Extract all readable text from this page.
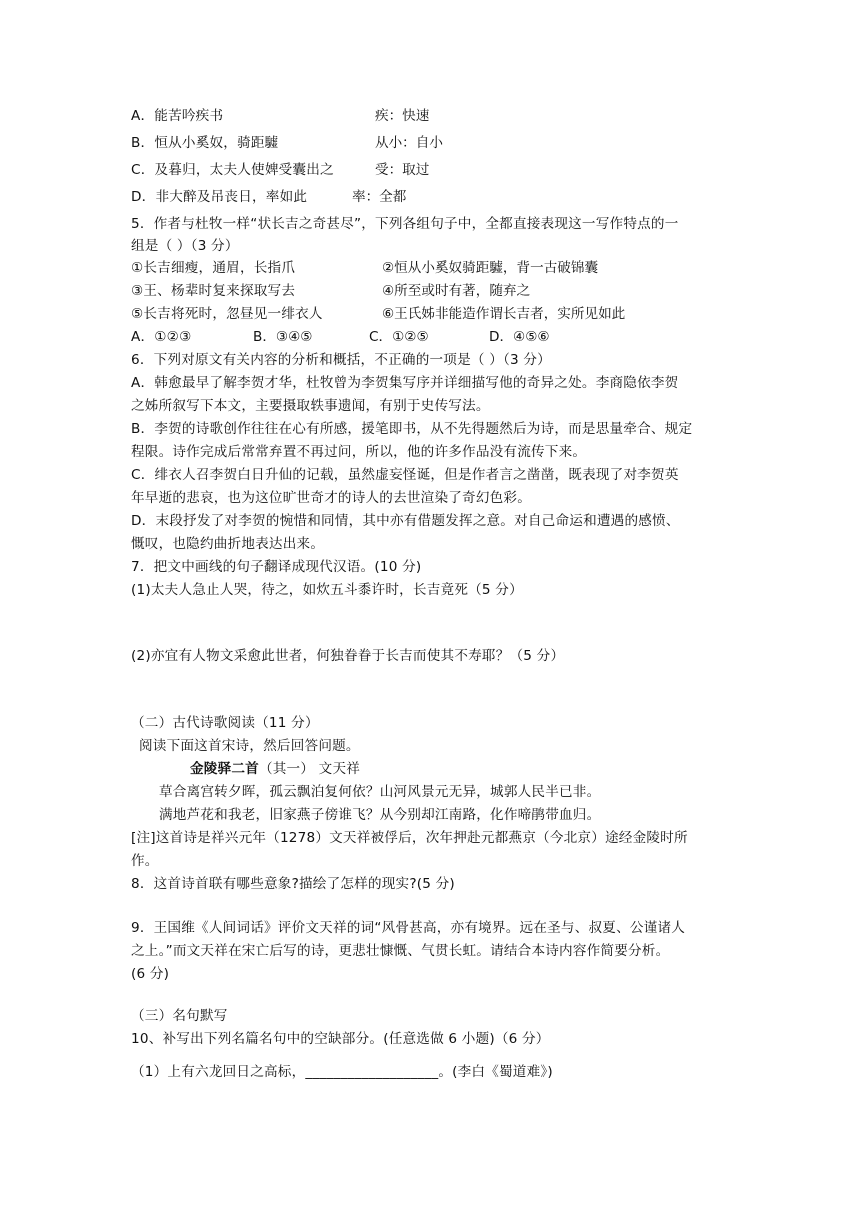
A．能苦吟疾书	疾：快速
B．恒从小奚奴，骑距驉	从小：自小
C．及暮归，太夫人使婢受囊出之	受：取过
D．非大醉及吊丧日，率如此	率：全都
5．作者与杜牧一样“状长吉之奇甚尽”，下列各组句子中，全都直接表现这一写作特点的一
组是（ ）（3 分）
①长吉细瘦，通眉，长指爪	②恒从小奚奴骑距驉，背一古破锦囊
③王、杨辈时复来探取写去	④所至或时有著，随弃之
⑤长吉将死时，忽昼见一绯衣人	⑥王氏姊非能造作谓长吉者，实所见如此
A．①②③	B．③④⑤	C．①②⑤	D．④⑤⑥
6．下列对原文有关内容的分析和概括，不正确的一项是（ ）（3 分）
A．韩愈最早了解李贺才华，杜牧曾为李贺集写序并详细描写他的奇异之处。李商隐依李贺
之姊所叙写下本文，主要摄取轶事遗闻，有别于史传写法。
B．李贺的诗歌创作往往在心有所感，援笔即书，从不先得题然后为诗，而是思量牵合、规定
程限。诗作完成后常常弃置不再过问，所以，他的许多作品没有流传下来。
C．绯衣人召李贺白日升仙的记载，虽然虚妄怪诞，但是作者言之凿凿，既表现了对李贺英
年早逝的悲哀，也为这位旷世奇才的诗人的去世渲染了奇幻色彩。
D．末段抒发了对李贺的惋惜和同情，其中亦有借题发挥之意。对自己命运和遭遇的感愤、
慨叹，也隐约曲折地表达出来。
7．把文中画线的句子翻译成现代汉语。(10 分)
(1)太夫人急止人哭，待之，如炊五斗黍许时，长吉竟死（5 分）
(2)亦宜有人物文采愈此世者，何独眷眷于长吉而使其不寿耶？（5 分）
（二）古代诗歌阅读（11 分）
阅读下面这首宋诗，然后回答问题。
金陵驿二首（其一） 文天祥
草合离宫转夕晖，孤云飘泊复何依？山河风景元无异，城郭人民半已非。
满地芦花和我老，旧家燕子傍谁飞？从今别却江南路，化作啼鹃带血归。
[注]这首诗是祥兴元年（1278）文天祥被俘后，次年押赴元都燕京（今北京）途经金陵时所
作。
8．这首诗首联有哪些意象?描绘了怎样的现实?(5 分)
9．王国维《人间词话》评价文天祥的词“风骨甚高，亦有境界。远在圣与、叔夏、公谨诸人
之上。”而文天祥在宋亡后写的诗，更悲壮慷慨、气贯长虹。请结合本诗内容作简要分析。
(6 分)
（三）名句默写
10、补写出下列名篇名句中的空缺部分。(任意选做 6 小题)（6 分）
（1）上有六龙回日之高标，___________________。(李白《蜀道难》)
